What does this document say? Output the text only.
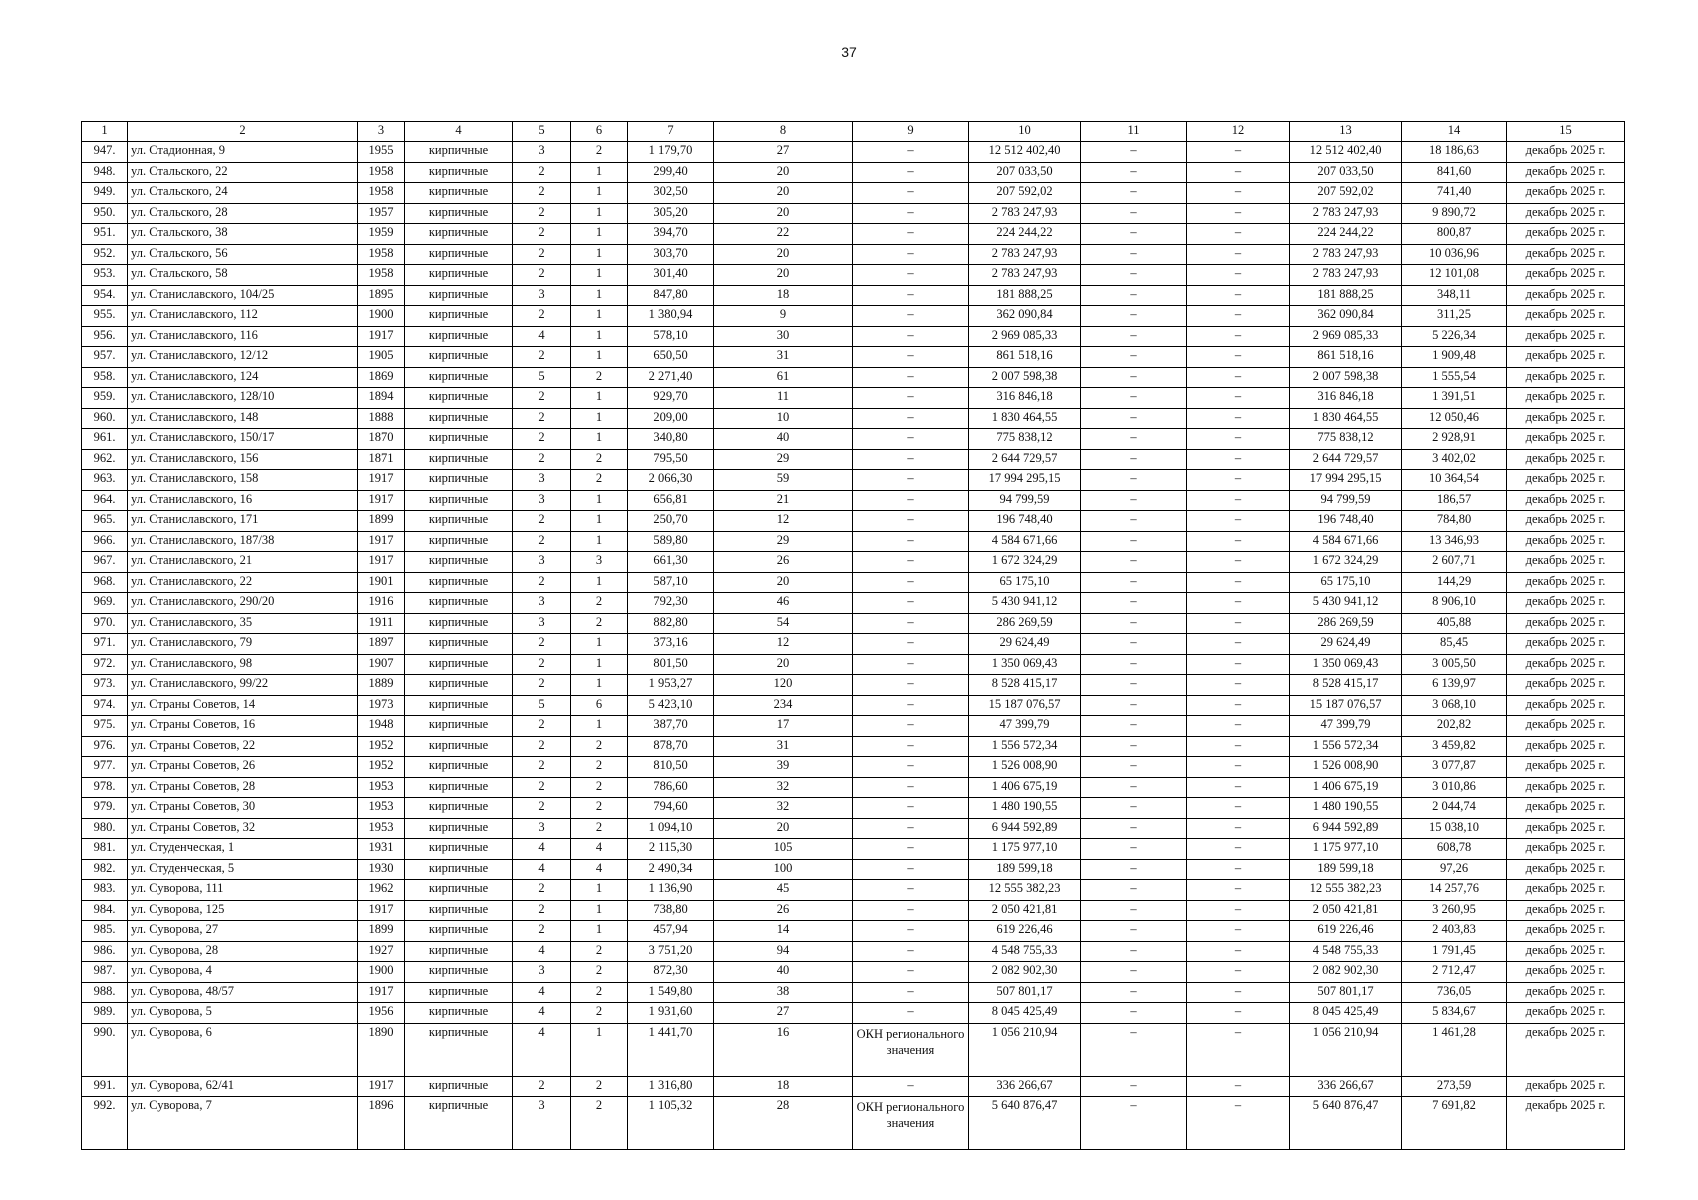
37
1	2	3	4	5	6	7	8	9	10	11	12	13	14	15
947.	ул. Стадионная, 9	1955	кирпичные	3	2	1 179,70	27	–	12 512 402,40	–	–	12 512 402,40	18 186,63	декабрь 2025 г.
948.	ул. Стальского, 22	1958	кирпичные	2	1	299,40	20	–	207 033,50	–	–	207 033,50	841,60	декабрь 2025 г.
949.	ул. Стальского, 24	1958	кирпичные	2	1	302,50	20	–	207 592,02	–	–	207 592,02	741,40	декабрь 2025 г.
950.	ул. Стальского, 28	1957	кирпичные	2	1	305,20	20	–	2 783 247,93	–	–	2 783 247,93	9 890,72	декабрь 2025 г.
951.	ул. Стальского, 38	1959	кирпичные	2	1	394,70	22	–	224 244,22	–	–	224 244,22	800,87	декабрь 2025 г.
952.	ул. Стальского, 56	1958	кирпичные	2	1	303,70	20	–	2 783 247,93	–	–	2 783 247,93	10 036,96	декабрь 2025 г.
953.	ул. Стальского, 58	1958	кирпичные	2	1	301,40	20	–	2 783 247,93	–	–	2 783 247,93	12 101,08	декабрь 2025 г.
954.	ул. Станиславского, 104/25	1895	кирпичные	3	1	847,80	18	–	181 888,25	–	–	181 888,25	348,11	декабрь 2025 г.
955.	ул. Станиславского, 112	1900	кирпичные	2	1	1 380,94	9	–	362 090,84	–	–	362 090,84	311,25	декабрь 2025 г.
956.	ул. Станиславского, 116	1917	кирпичные	4	1	578,10	30	–	2 969 085,33	–	–	2 969 085,33	5 226,34	декабрь 2025 г.
957.	ул. Станиславского, 12/12	1905	кирпичные	2	1	650,50	31	–	861 518,16	–	–	861 518,16	1 909,48	декабрь 2025 г.
958.	ул. Станиславского, 124	1869	кирпичные	5	2	2 271,40	61	–	2 007 598,38	–	–	2 007 598,38	1 555,54	декабрь 2025 г.
959.	ул. Станиславского, 128/10	1894	кирпичные	2	1	929,70	11	–	316 846,18	–	–	316 846,18	1 391,51	декабрь 2025 г.
960.	ул. Станиславского, 148	1888	кирпичные	2	1	209,00	10	–	1 830 464,55	–	–	1 830 464,55	12 050,46	декабрь 2025 г.
961.	ул. Станиславского, 150/17	1870	кирпичные	2	1	340,80	40	–	775 838,12	–	–	775 838,12	2 928,91	декабрь 2025 г.
962.	ул. Станиславского, 156	1871	кирпичные	2	2	795,50	29	–	2 644 729,57	–	–	2 644 729,57	3 402,02	декабрь 2025 г.
963.	ул. Станиславского, 158	1917	кирпичные	3	2	2 066,30	59	–	17 994 295,15	–	–	17 994 295,15	10 364,54	декабрь 2025 г.
964.	ул. Станиславского, 16	1917	кирпичные	3	1	656,81	21	–	94 799,59	–	–	94 799,59	186,57	декабрь 2025 г.
965.	ул. Станиславского, 171	1899	кирпичные	2	1	250,70	12	–	196 748,40	–	–	196 748,40	784,80	декабрь 2025 г.
966.	ул. Станиславского, 187/38	1917	кирпичные	2	1	589,80	29	–	4 584 671,66	–	–	4 584 671,66	13 346,93	декабрь 2025 г.
967.	ул. Станиславского, 21	1917	кирпичные	3	3	661,30	26	–	1 672 324,29	–	–	1 672 324,29	2 607,71	декабрь 2025 г.
968.	ул. Станиславского, 22	1901	кирпичные	2	1	587,10	20	–	65 175,10	–	–	65 175,10	144,29	декабрь 2025 г.
969.	ул. Станиславского, 290/20	1916	кирпичные	3	2	792,30	46	–	5 430 941,12	–	–	5 430 941,12	8 906,10	декабрь 2025 г.
970.	ул. Станиславского, 35	1911	кирпичные	3	2	882,80	54	–	286 269,59	–	–	286 269,59	405,88	декабрь 2025 г.
971.	ул. Станиславского, 79	1897	кирпичные	2	1	373,16	12	–	29 624,49	–	–	29 624,49	85,45	декабрь 2025 г.
972.	ул. Станиславского, 98	1907	кирпичные	2	1	801,50	20	–	1 350 069,43	–	–	1 350 069,43	3 005,50	декабрь 2025 г.
973.	ул. Станиславского, 99/22	1889	кирпичные	2	1	1 953,27	120	–	8 528 415,17	–	–	8 528 415,17	6 139,97	декабрь 2025 г.
974.	ул. Страны Советов, 14	1973	кирпичные	5	6	5 423,10	234	–	15 187 076,57	–	–	15 187 076,57	3 068,10	декабрь 2025 г.
975.	ул. Страны Советов, 16	1948	кирпичные	2	1	387,70	17	–	47 399,79	–	–	47 399,79	202,82	декабрь 2025 г.
976.	ул. Страны Советов, 22	1952	кирпичные	2	2	878,70	31	–	1 556 572,34	–	–	1 556 572,34	3 459,82	декабрь 2025 г.
977.	ул. Страны Советов, 26	1952	кирпичные	2	2	810,50	39	–	1 526 008,90	–	–	1 526 008,90	3 077,87	декабрь 2025 г.
978.	ул. Страны Советов, 28	1953	кирпичные	2	2	786,60	32	–	1 406 675,19	–	–	1 406 675,19	3 010,86	декабрь 2025 г.
979.	ул. Страны Советов, 30	1953	кирпичные	2	2	794,60	32	–	1 480 190,55	–	–	1 480 190,55	2 044,74	декабрь 2025 г.
980.	ул. Страны Советов, 32	1953	кирпичные	3	2	1 094,10	20	–	6 944 592,89	–	–	6 944 592,89	15 038,10	декабрь 2025 г.
981.	ул. Студенческая, 1	1931	кирпичные	4	4	2 115,30	105	–	1 175 977,10	–	–	1 175 977,10	608,78	декабрь 2025 г.
982.	ул. Студенческая, 5	1930	кирпичные	4	4	2 490,34	100	–	189 599,18	–	–	189 599,18	97,26	декабрь 2025 г.
983.	ул. Суворова, 111	1962	кирпичные	2	1	1 136,90	45	–	12 555 382,23	–	–	12 555 382,23	14 257,76	декабрь 2025 г.
984.	ул. Суворова, 125	1917	кирпичные	2	1	738,80	26	–	2 050 421,81	–	–	2 050 421,81	3 260,95	декабрь 2025 г.
985.	ул. Суворова, 27	1899	кирпичные	2	1	457,94	14	–	619 226,46	–	–	619 226,46	2 403,83	декабрь 2025 г.
986.	ул. Суворова, 28	1927	кирпичные	4	2	3 751,20	94	–	4 548 755,33	–	–	4 548 755,33	1 791,45	декабрь 2025 г.
987.	ул. Суворова, 4	1900	кирпичные	3	2	872,30	40	–	2 082 902,30	–	–	2 082 902,30	2 712,47	декабрь 2025 г.
988.	ул. Суворова, 48/57	1917	кирпичные	4	2	1 549,80	38	–	507 801,17	–	–	507 801,17	736,05	декабрь 2025 г.
989.	ул. Суворова, 5	1956	кирпичные	4	2	1 931,60	27	–	8 045 425,49	–	–	8 045 425,49	5 834,67	декабрь 2025 г.
990.	ул. Суворова, 6	1890	кирпичные	4	1	1 441,70	16	ОКН регионального значения	1 056 210,94	–	–	1 056 210,94	1 461,28	декабрь 2025 г.
991.	ул. Суворова, 62/41	1917	кирпичные	2	2	1 316,80	18	–	336 266,67	–	–	336 266,67	273,59	декабрь 2025 г.
992.	ул. Суворова, 7	1896	кирпичные	3	2	1 105,32	28	ОКН регионального значения	5 640 876,47	–	–	5 640 876,47	7 691,82	декабрь 2025 г.
